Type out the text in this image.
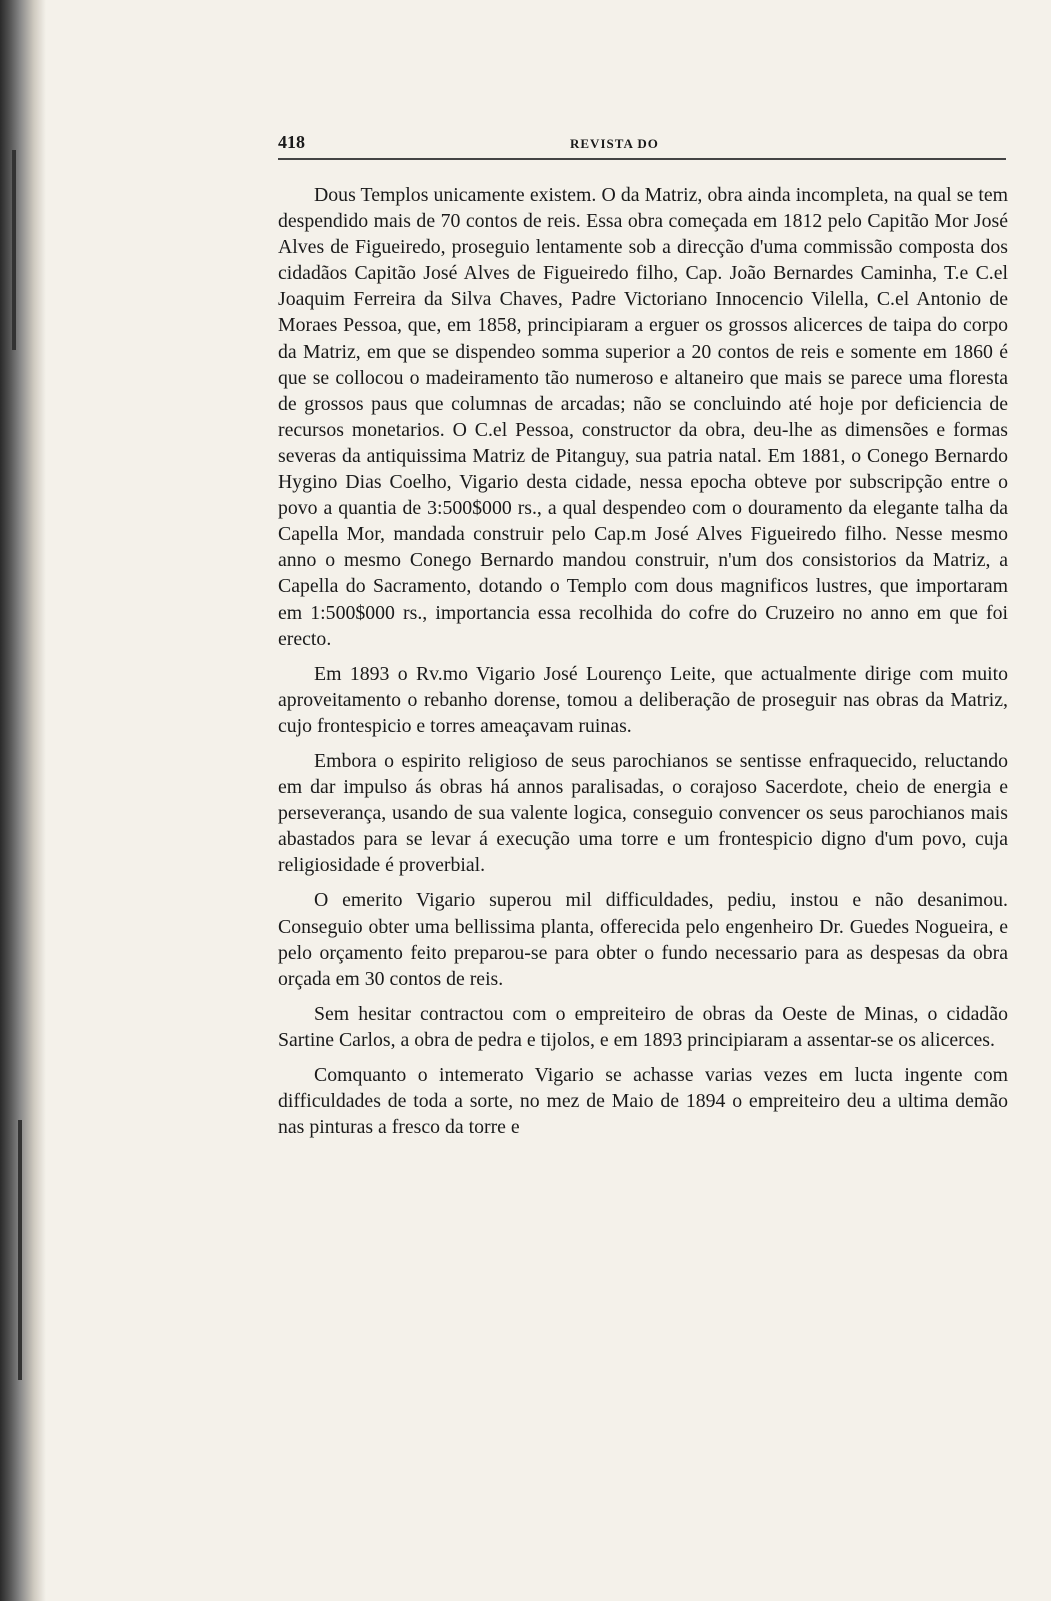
418	REVISTA DO

Dous Templos unicamente existem. O da Matriz, obra ainda incompleta, na qual se tem despendido mais de 70 contos de reis. Essa obra começada em 1812 pelo Capitão Mor José Alves de Figueiredo, proseguio lentamente sob a direcção d'uma commissão composta dos cidadãos Capitão José Alves de Figueiredo filho, Cap. João Bernardes Caminha, T.e C.el Joaquim Ferreira da Silva Chaves, Padre Victoriano Innocencio Vilella, C.el Antonio de Moraes Pessoa, que, em 1858, principiaram a erguer os grossos alicerces de taipa do corpo da Matriz, em que se dispendeo somma superior a 20 contos de reis e somente em 1860 é que se collocou o madeiramento tão numeroso e altaneiro que mais se parece uma floresta de grossos paus que columnas de arcadas; não se concluindo até hoje por deficiencia de recursos monetarios. O C.el Pessoa, constructor da obra, deu-lhe as dimensões e formas severas da antiquissima Matriz de Pitanguy, sua patria natal. Em 1881, o Conego Bernardo Hygino Dias Coelho, Vigario desta cidade, nessa epocha obteve por subscripção entre o povo a quantia de 3:500$000 rs., a qual despendeo com o douramento da elegante talha da Capella Mor, mandada construir pelo Cap.m José Alves Figueiredo filho. Nesse mesmo anno o mesmo Conego Bernardo mandou construir, n'um dos consistorios da Matriz, a Capella do Sacramento, dotando o Templo com dous magnificos lustres, que importaram em 1:500$000 rs., importancia essa recolhida do cofre do Cruzeiro no anno em que foi erecto.

Em 1893 o Rv.mo Vigario José Lourenço Leite, que actualmente dirige com muito aproveitamento o rebanho dorense, tomou a deliberação de proseguir nas obras da Matriz, cujo frontespicio e torres ameaçavam ruinas.

Embora o espirito religioso de seus parochianos se sentisse enfraquecido, reluctando em dar impulso ás obras há annos paralisadas, o corajoso Sacerdote, cheio de energia e perseverança, usando de sua valente logica, conseguio convencer os seus parochianos mais abastados para se levar á execução uma torre e um frontespicio digno d'um povo, cuja religiosidade é proverbial.

O emerito Vigario superou mil difficuldades, pediu, instou e não desanimou. Conseguio obter uma bellissima planta, offerecida pelo engenheiro Dr. Guedes Nogueira, e pelo orçamento feito preparou-se para obter o fundo necessario para as despesas da obra orçada em 30 contos de reis.

Sem hesitar contractou com o empreiteiro de obras da Oeste de Minas, o cidadão Sartine Carlos, a obra de pedra e tijolos, e em 1893 principiaram a assentar-se os alicerces.

Comquanto o intemerato Vigario se achasse varias vezes em lucta ingente com difficuldades de toda a sorte, no mez de Maio de 1894 o empreiteiro deu a ultima demão nas pinturas a fresco da torre e
